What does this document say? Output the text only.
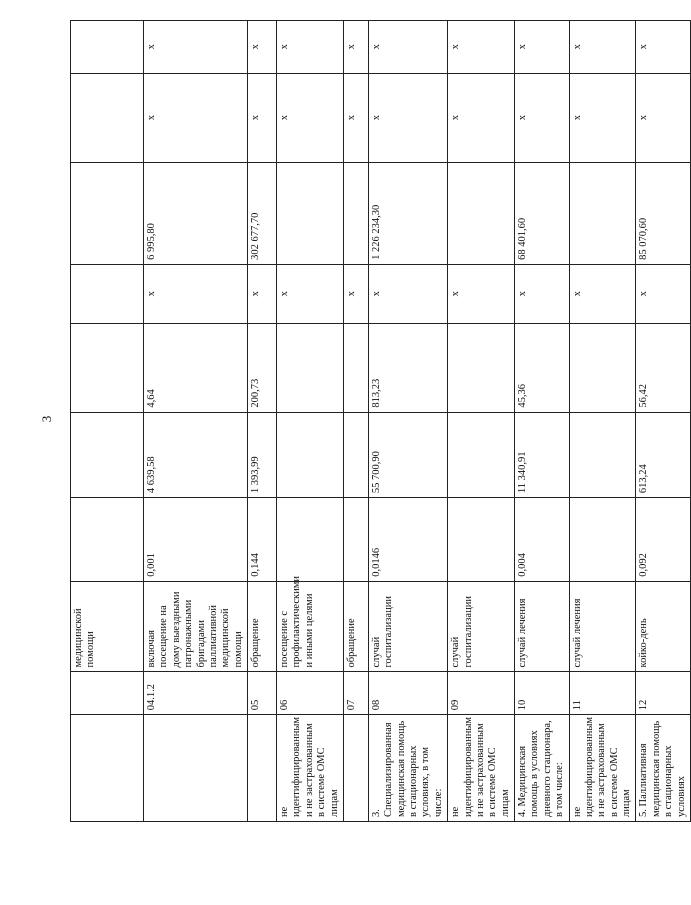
3
		медицинской помощи							
	04.1.2	включая посещение на дому выездными патронажными бригадами паллиативной медицинской помощи	0,001	4 639,58	4,64	x	6 995,80	x	x
	05	обращение	0,144	1 393,99	200,73	x	302 677,70	x	x
не идентифицированным и не застрахованным в системе ОМС лицам	06	посещение с профилактическими и иными целями				x		x	x
	07	обращение				x		x	x
3. Специализированная медицинская помощь в стационарных условиях, в том числе:	08	случай госпитализации	0,0146	55 700,90	813,23	x	1 226 234,30	x	x
не идентифицированным и не застрахованным в системе ОМС лицам	09	случай госпитализации				x		x	x
4. Медицинская помощь в условиях дневного стационара, в том числе:	10	случай лечения	0,004	11 340,91	45,36	x	68 401,60	x	x
не идентифицированным и не застрахованным в системе ОМС лицам	11	случай лечения				x		x	x
5. Паллиативная медицинская помощь в стационарных условиях	12	койко-день	0,092	613,24	56,42	x	85 070,60	x	x
